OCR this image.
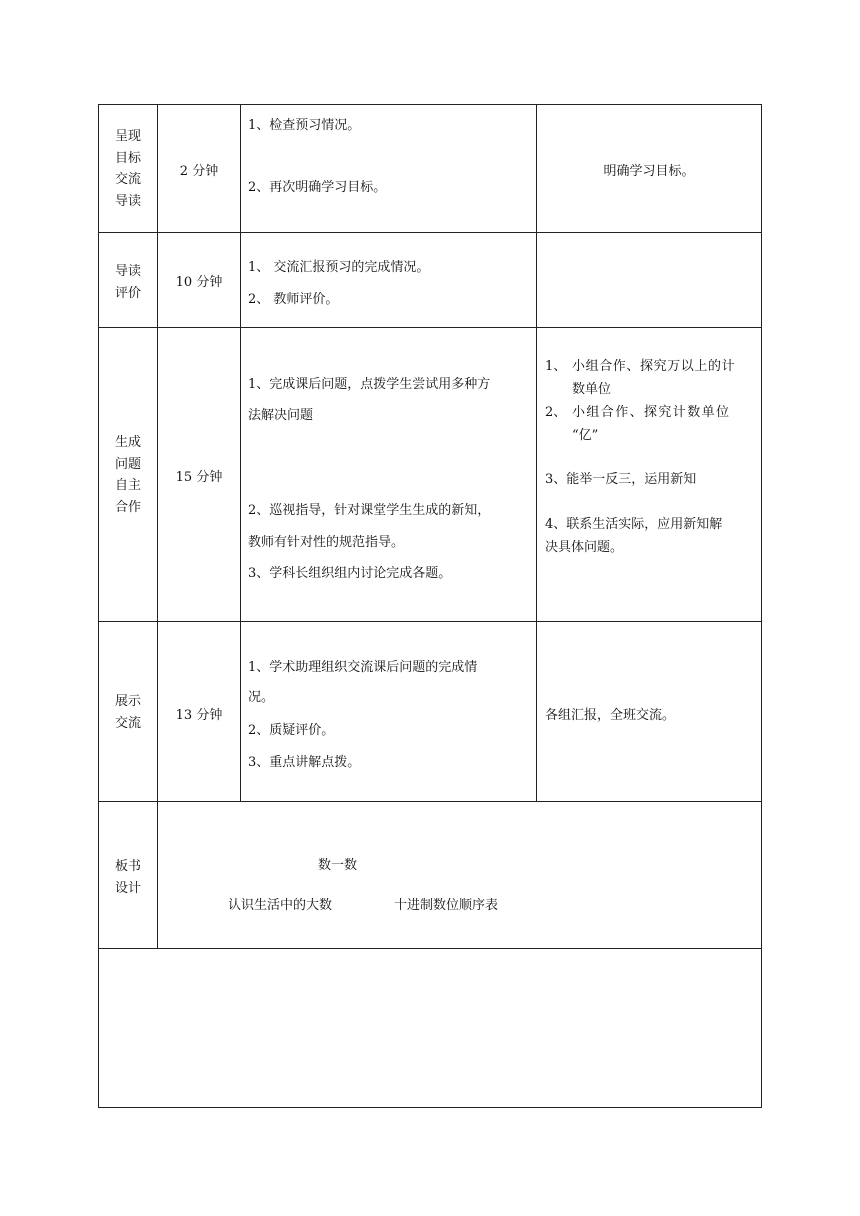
呈现
目标
交流
导读
2 分钟
1、检查预习情况。
2、再次明确学习目标。
明确学习目标。
导读
评价
10 分钟
1、 交流汇报预习的完成情况。
2、 教师评价。
生成
问题
自主
合作
15 分钟
1、完成课后问题，点拨学生尝试用多种方
法解决问题
2、巡视指导，针对课堂学生生成的新知，
教师有针对性的规范指导。
3、学科长组织组内讨论完成各题。
1、 小组合作、探究万以上的计
数单位
2、 小组合作、探究计数单位
“亿”
3、能举一反三，运用新知
4、联系生活实际，应用新知解
决具体问题。
展示
交流	13 分钟
1、学术助理组织交流课后问题的完成情
况。
2、质疑评价。
3、重点讲解点拨。
各组汇报，全班交流。
板书
设计
数一数
认识生活中的大数	十进制数位顺序表
